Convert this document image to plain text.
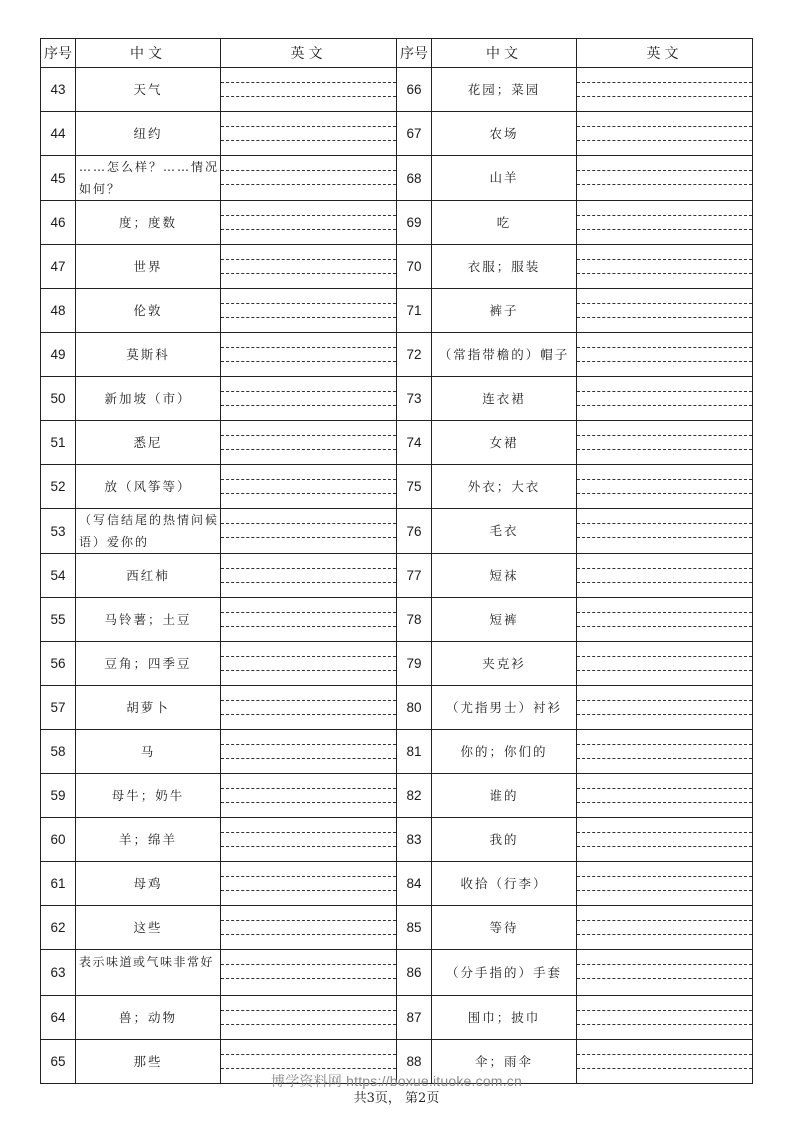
序号	中文	英文	序号	中文	英文
43	天气		66	花园；菜园	

44	纽约		67	农场	

45	……怎么样？……情况如何？		68	山羊	

46	度；度数		69	吃	

47	世界		70	衣服；服装	

48	伦敦		71	裤子	

49	莫斯科		72	（常指带檐的）帽子	

50	新加坡（市）		73	连衣裙	

51	悉尼		74	女裙	

52	放（风筝等）		75	外衣；大衣	

53	（写信结尾的热情问候语）爱你的		76	毛衣	

54	西红柿		77	短袜	

55	马铃薯；土豆		78	短裤	

56	豆角；四季豆		79	夹克衫	

57	胡萝卜		80	（尤指男士）衬衫	

58	马		81	你的；你们的	

59	母牛；奶牛		82	谁的	

60	羊；绵羊		83	我的	

61	母鸡		84	收拾（行李）	

62	这些		85	等待	

63	表示味道或气味非常好		86	（分手指的）手套	

64	兽；动物		87	围巾；披巾	

65	那些		88	伞；雨伞	
博学资料网 https://boxue.ituoke.com.cn
共3页， 第2页
